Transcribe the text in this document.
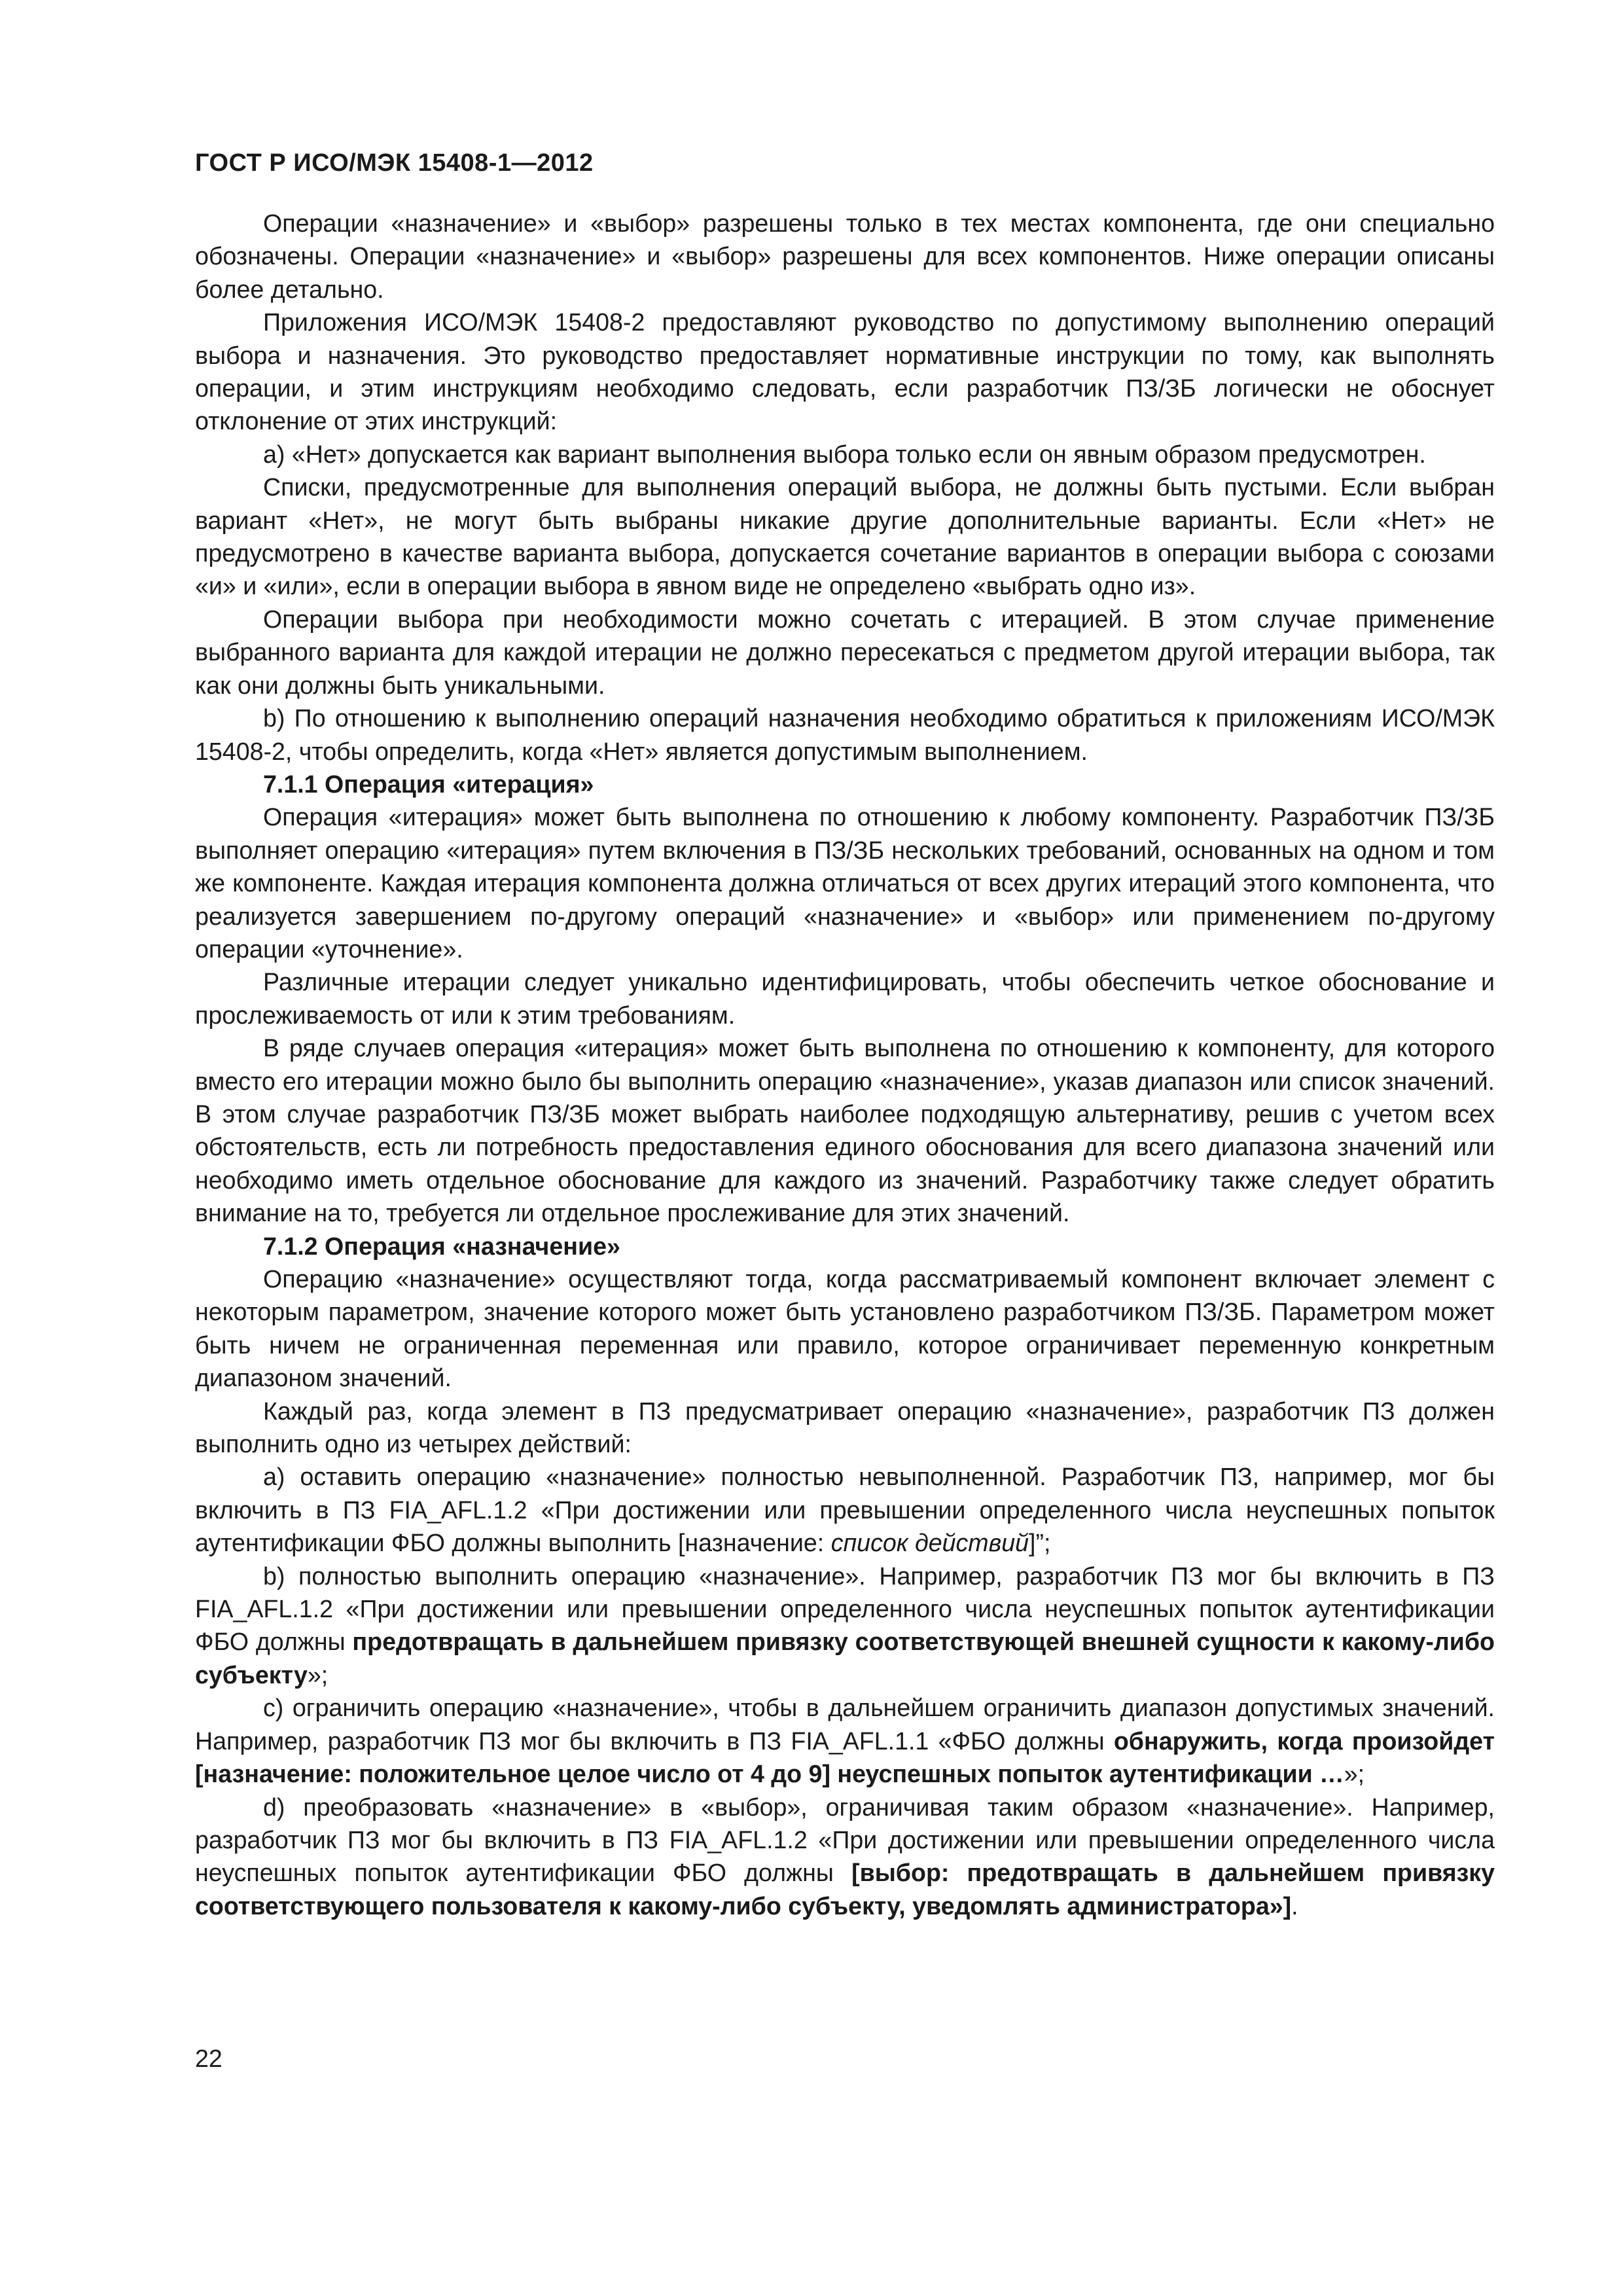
ГОСТ Р ИСО/МЭК 15408-1—2012

Операции «назначение» и «выбор» разрешены только в тех местах компонента, где они специально обозначены. Операции «назначение» и «выбор» разрешены для всех компонентов. Ниже операции описаны более детально.

Приложения ИСО/МЭК 15408-2 предоставляют руководство по допустимому выполнению операций выбора и назначения. Это руководство предоставляет нормативные инструкции по тому, как выполнять операции, и этим инструкциям необходимо следовать, если разработчик ПЗ/ЗБ логически не обоснует отклонение от этих инструкций:

a) «Нет» допускается как вариант выполнения выбора только если он явным образом предусмотрен.

Списки, предусмотренные для выполнения операций выбора, не должны быть пустыми. Если выбран вариант «Нет», не могут быть выбраны никакие другие дополнительные варианты. Если «Нет» не предусмотрено в качестве варианта выбора, допускается сочетание вариантов в операции выбора с союзами «и» и «или», если в операции выбора в явном виде не определено «выбрать одно из».

Операции выбора при необходимости можно сочетать с итерацией. В этом случае применение выбранного варианта для каждой итерации не должно пересекаться с предметом другой итерации выбора, так как они должны быть уникальными.

b) По отношению к выполнению операций назначения необходимо обратиться к приложениям ИСО/МЭК 15408-2, чтобы определить, когда «Нет» является допустимым выполнением.

7.1.1 Операция «итерация»

Операция «итерация» может быть выполнена по отношению к любому компоненту. Разработчик ПЗ/ЗБ выполняет операцию «итерация» путем включения в ПЗ/ЗБ нескольких требований, основанных на одном и том же компоненте. Каждая итерация компонента должна отличаться от всех других итераций этого компонента, что реализуется завершением по-другому операций «назначение» и «выбор» или применением по-другому операции «уточнение».

Различные итерации следует уникально идентифицировать, чтобы обеспечить четкое обоснование и прослеживаемость от или к этим требованиям.

В ряде случаев операция «итерация» может быть выполнена по отношению к компоненту, для которого вместо его итерации можно было бы выполнить операцию «назначение», указав диапазон или список значений. В этом случае разработчик ПЗ/ЗБ может выбрать наиболее подходящую альтернативу, решив с учетом всех обстоятельств, есть ли потребность предоставления единого обоснования для всего диапазона значений или необходимо иметь отдельное обоснование для каждого из значений. Разработчику также следует обратить внимание на то, требуется ли отдельное прослеживание для этих значений.

7.1.2 Операция «назначение»

Операцию «назначение» осуществляют тогда, когда рассматриваемый компонент включает элемент с некоторым параметром, значение которого может быть установлено разработчиком ПЗ/ЗБ. Параметром может быть ничем не ограниченная переменная или правило, которое ограничивает переменную конкретным диапазоном значений.

Каждый раз, когда элемент в ПЗ предусматривает операцию «назначение», разработчик ПЗ должен выполнить одно из четырех действий:

a) оставить операцию «назначение» полностью невыполненной. Разработчик ПЗ, например, мог бы включить в ПЗ FIA_AFL.1.2 «При достижении или превышении определенного числа неуспешных попыток аутентификации ФБО должны выполнить [назначение: список действий]”;

b) полностью выполнить операцию «назначение». Например, разработчик ПЗ мог бы включить в ПЗ FIA_AFL.1.2 «При достижении или превышении определенного числа неуспешных попыток аутентификации ФБО должны предотвращать в дальнейшем привязку соответствующей внешней сущности к какому-либо субъекту»;

c) ограничить операцию «назначение», чтобы в дальнейшем ограничить диапазон допустимых значений. Например, разработчик ПЗ мог бы включить в ПЗ FIA_AFL.1.1 «ФБО должны обнаружить, когда произойдет [назначение: положительное целое число от 4 до 9] неуспешных попыток аутентификации …»;

d) преобразовать «назначение» в «выбор», ограничивая таким образом «назначение». Например, разработчик ПЗ мог бы включить в ПЗ FIA_AFL.1.2 «При достижении или превышении определенного числа неуспешных попыток аутентификации ФБО должны [выбор: предотвращать в дальнейшем привязку соответствующего пользователя к какому-либо субъекту, уведомлять администратора»].

22
